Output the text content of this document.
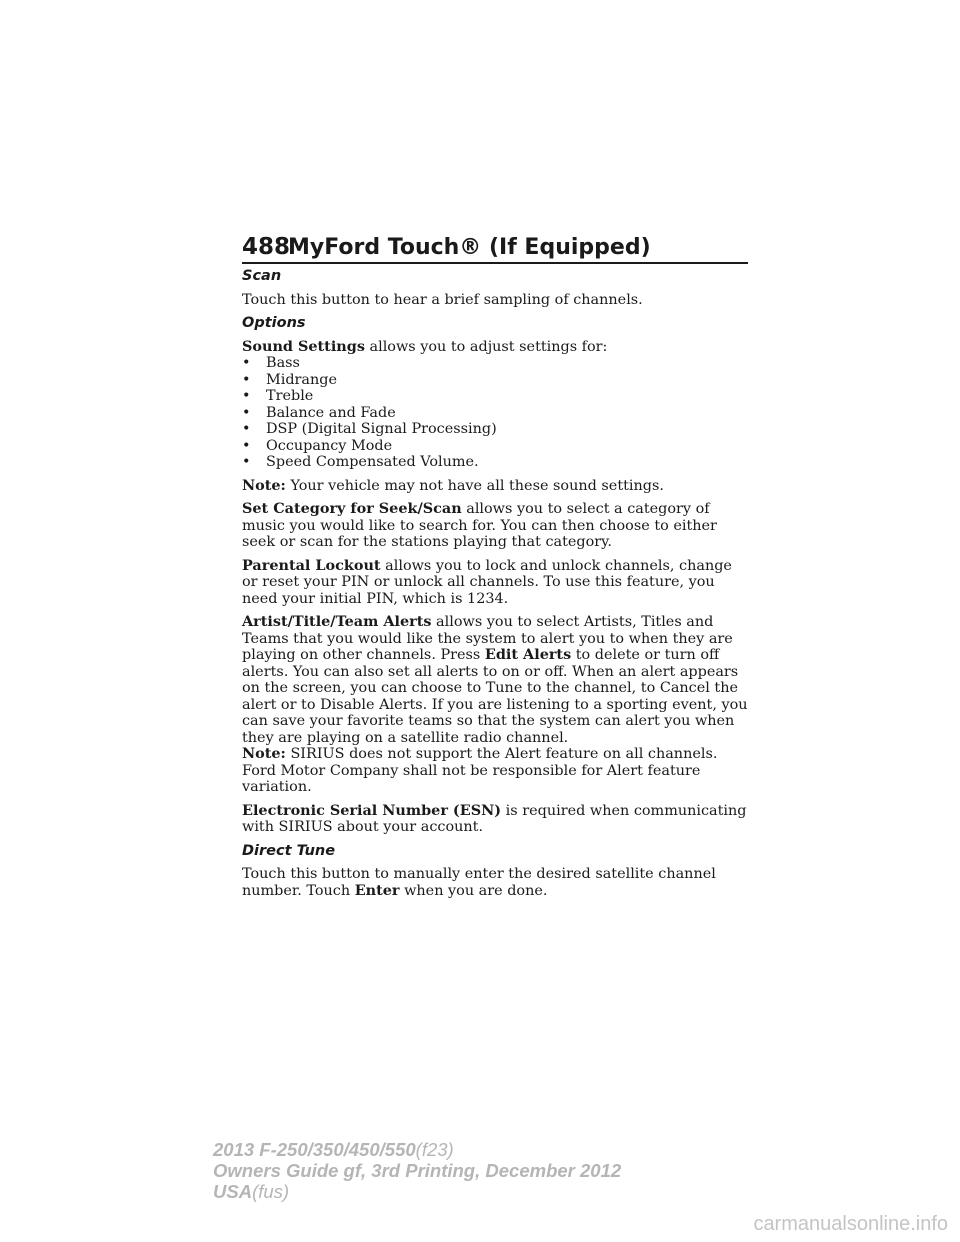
488
MyFord Touch® (If Equipped)
Scan

Touch this button to hear a brief sampling of channels.

Options

Sound Settings allows you to adjust settings for:

• Bass
• Midrange
• Treble
• Balance and Fade
• DSP (Digital Signal Processing)
• Occupancy Mode
• Speed Compensated Volume.

Note: Your vehicle may not have all these sound settings.

Set Category for Seek/Scan allows you to select a category of music you would like to search for. You can then choose to either seek or scan for the stations playing that category.

Parental Lockout allows you to lock and unlock channels, change or reset your PIN or unlock all channels. To use this feature, you need your initial PIN, which is 1234.

Artist/Title/Team Alerts allows you to select Artists, Titles and Teams that you would like the system to alert you to when they are playing on other channels. Press Edit Alerts to delete or turn off alerts. You can also set all alerts to on or off. When an alert appears on the screen, you can choose to Tune to the channel, to Cancel the alert or to Disable Alerts. If you are listening to a sporting event, you can save your favorite teams so that the system can alert you when they are playing on a satellite radio channel.

Note: SIRIUS does not support the Alert feature on all channels. Ford Motor Company shall not be responsible for Alert feature variation.

Electronic Serial Number (ESN) is required when communicating with SIRIUS about your account.

Direct Tune

Touch this button to manually enter the desired satellite channel number. Touch Enter when you are done.

2013 F-250/350/450/550(f23)
Owners Guide gf, 3rd Printing, December 2012
USA(fus)
carmanualsonline.info
